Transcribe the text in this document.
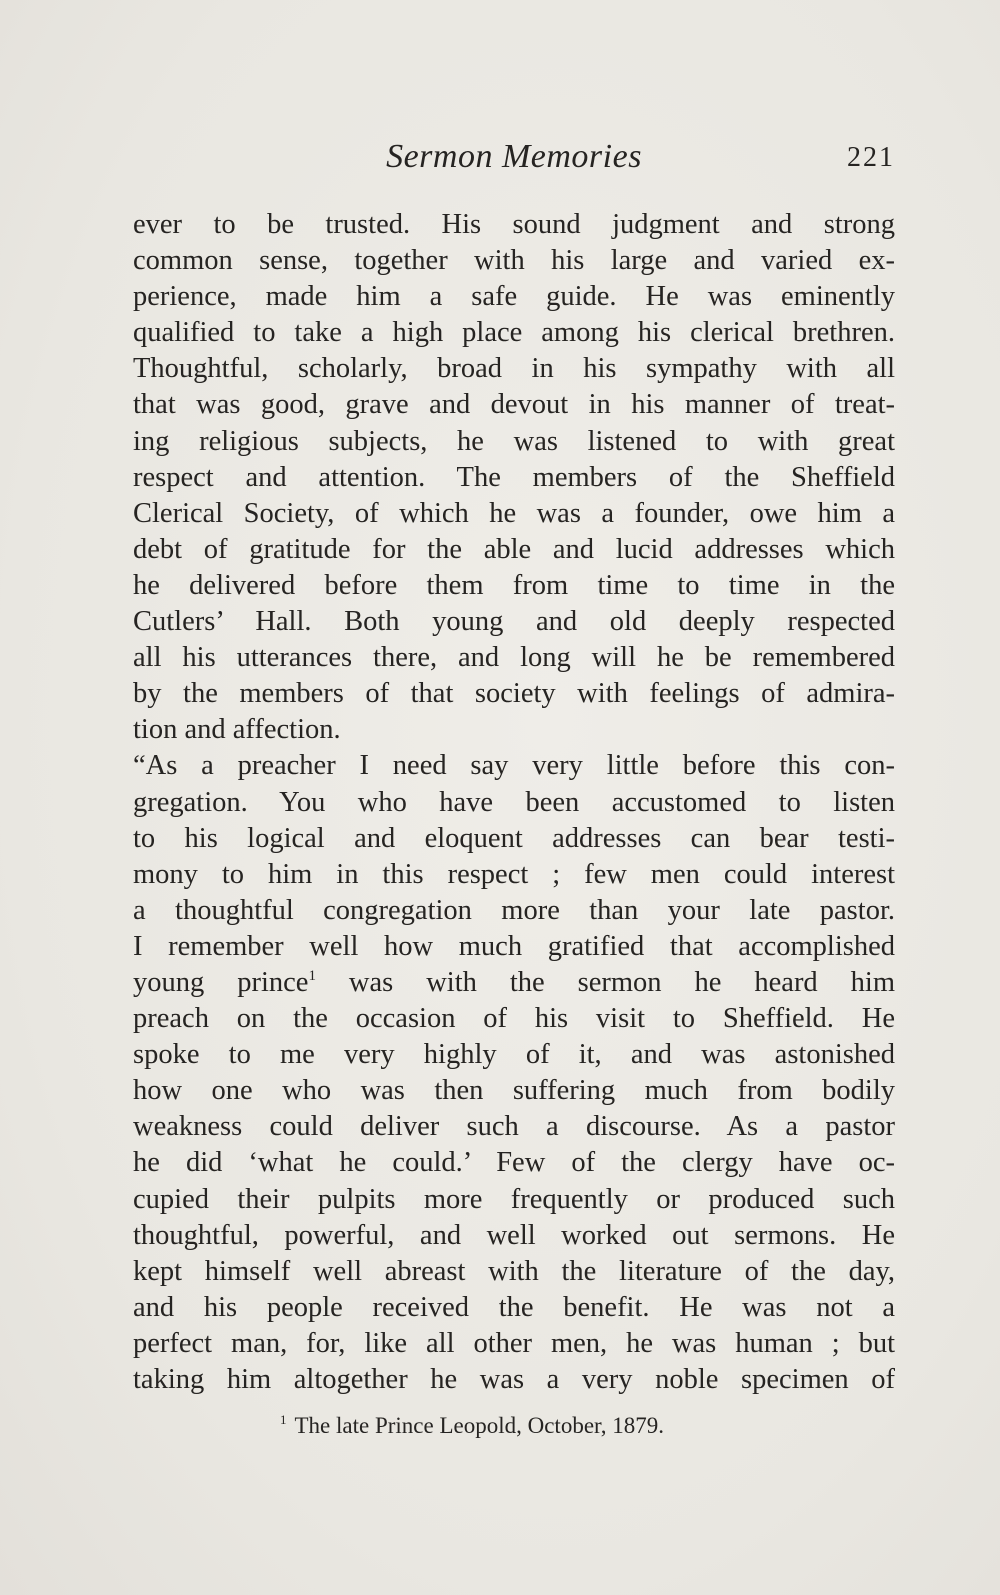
Sermon Memories	221

ever to be trusted. His sound judgment and strong
common sense, together with his large and varied ex-
perience, made him a safe guide. He was eminently
qualified to take a high place among his clerical brethren.
Thoughtful, scholarly, broad in his sympathy with all
that was good, grave and devout in his manner of treat-
ing religious subjects, he was listened to with great
respect and attention. The members of the Sheffield
Clerical Society, of which he was a founder, owe him a
debt of gratitude for the able and lucid addresses which
he delivered before them from time to time in the
Cutlers’ Hall. Both young and old deeply respected
all his utterances there, and long will he be remembered
by the members of that society with feelings of admira-
tion and affection.

“As a preacher I need say very little before this con-
gregation. You who have been accustomed to listen
to his logical and eloquent addresses can bear testi-
mony to him in this respect ; few men could interest
a thoughtful congregation more than your late pastor.
I remember well how much gratified that accomplished
young prince$^1$ was with the sermon he heard him
preach on the occasion of his visit to Sheffield. He
spoke to me very highly of it, and was astonished
how one who was then suffering much from bodily
weakness could deliver such a discourse. As a pastor
he did ‘what he could.’ Few of the clergy have oc-
cupied their pulpits more frequently or produced such
thoughtful, powerful, and well worked out sermons. He
kept himself well abreast with the literature of the day,
and his people received the benefit. He was not a
perfect man, for, like all other men, he was human ; but
taking him altogether he was a very noble specimen of

$^1$ The late Prince Leopold, October, 1879.
